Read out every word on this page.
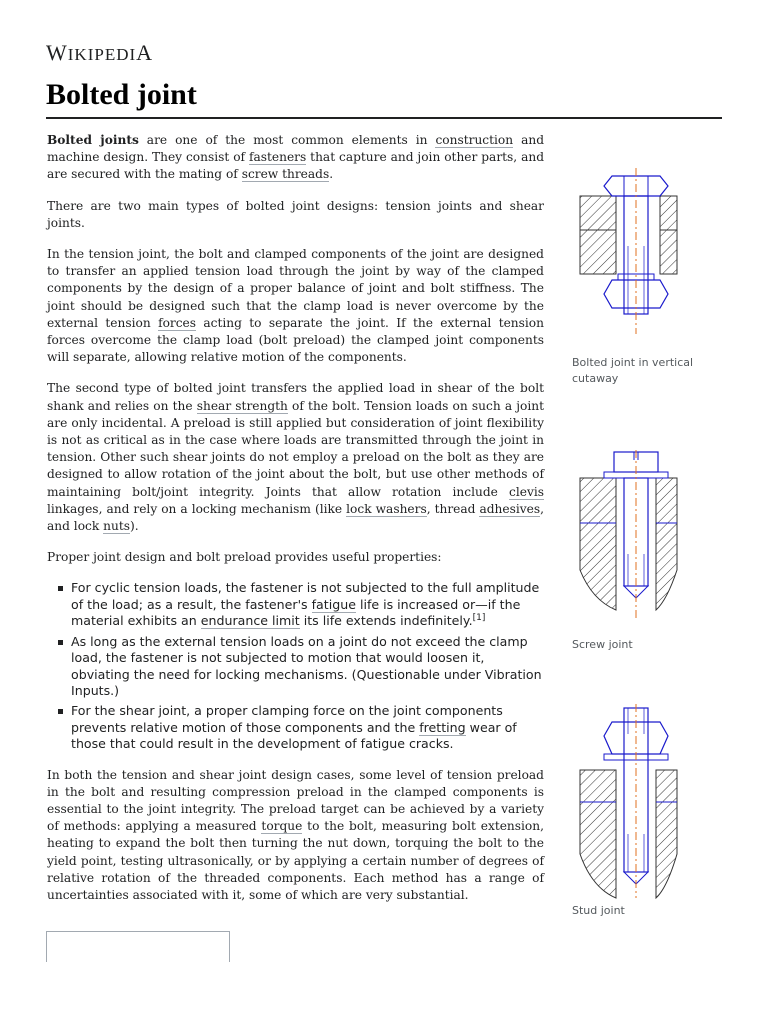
WIKIPEDIA
Bolted joint

Bolted joints are one of the most common elements in construction and machine design. They consist of fasteners that capture and join other parts, and are secured with the mating of screw threads.

There are two main types of bolted joint designs: tension joints and shear joints.

In the tension joint, the bolt and clamped components of the joint are designed to transfer an applied tension load through the joint by way of the clamped components by the design of a proper balance of joint and bolt stiffness. The joint should be designed such that the clamp load is never overcome by the external tension forces acting to separate the joint. If the external tension forces overcome the clamp load (bolt preload) the clamped joint components will separate, allowing relative motion of the components.

The second type of bolted joint transfers the applied load in shear of the bolt shank and relies on the shear strength of the bolt. Tension loads on such a joint are only incidental. A preload is still applied but consideration of joint flexibility is not as critical as in the case where loads are transmitted through the joint in tension. Other such shear joints do not employ a preload on the bolt as they are designed to allow rotation of the joint about the bolt, but use other methods of maintaining bolt/joint integrity. Joints that allow rotation include clevis linkages, and rely on a locking mechanism (like lock washers, thread adhesives, and lock nuts).

Proper joint design and bolt preload provides useful properties:

For cyclic tension loads, the fastener is not subjected to the full amplitude of the load; as a result, the fastener's fatigue life is increased or—if the material exhibits an endurance limit its life extends indefinitely.[1]
As long as the external tension loads on a joint do not exceed the clamp load, the fastener is not subjected to motion that would loosen it, obviating the need for locking mechanisms. (Questionable under Vibration Inputs.)
For the shear joint, a proper clamping force on the joint components prevents relative motion of those components and the fretting wear of those that could result in the development of fatigue cracks.

In both the tension and shear joint design cases, some level of tension preload in the bolt and resulting compression preload in the clamped components is essential to the joint integrity. The preload target can be achieved by a variety of methods: applying a measured torque to the bolt, measuring bolt extension, heating to expand the bolt then turning the nut down, torquing the bolt to the yield point, testing ultrasonically, or by applying a certain number of degrees of relative rotation of the threaded components. Each method has a range of uncertainties associated with it, some of which are very substantial.

Bolted joint in vertical cutaway
Screw joint
Stud joint
